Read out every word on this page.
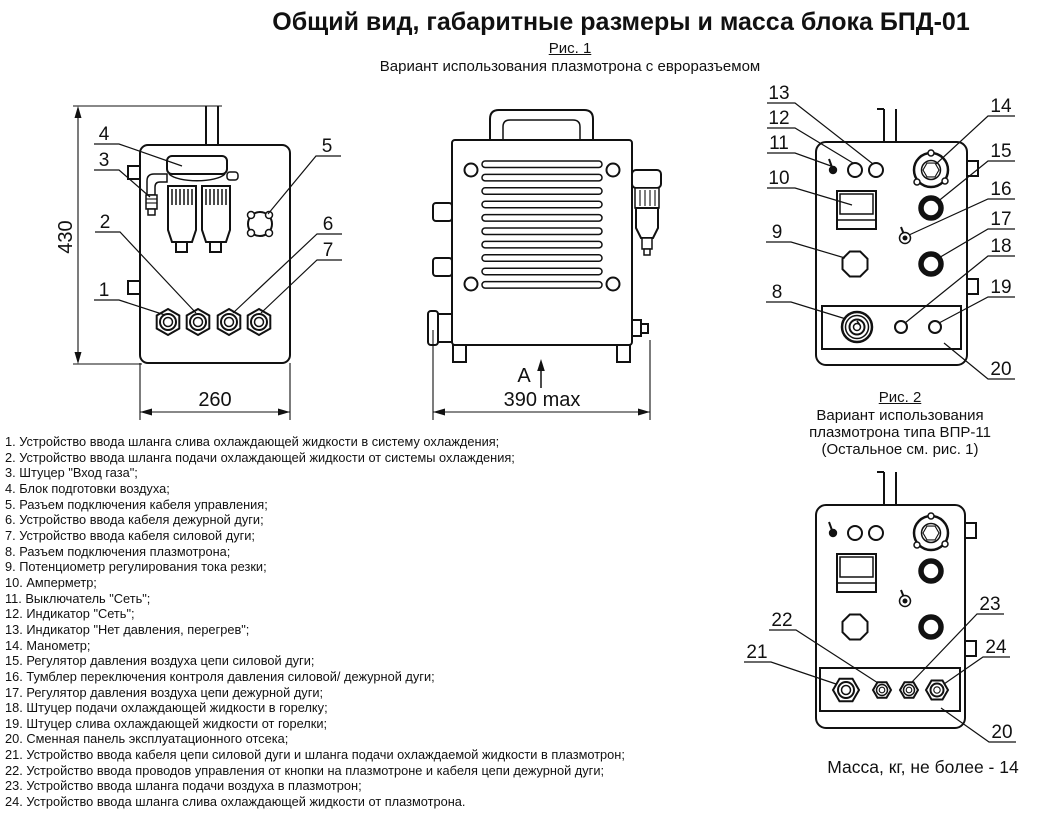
Общий вид, габаритные размеры и масса блока БПД-01
Рис. 1
Вариант использования плазмотрона с евроразъемом
430
260
4
3
2
1
5
6
7
A
390 max
13
12
11
10
9
8
14
15
16
17
18
19
20
Рис. 2
Вариант использования
плазмотрона типа ВПР-11
(Остальное см. рис. 1)
22
21
23
24
20
1. Устройство ввода шланга слива охлаждающей жидкости в систему охлаждения;
2. Устройство ввода шланга подачи охлаждающей жидкости от системы охлаждения;
3. Штуцер "Вход газа";
4. Блок подготовки воздуха;
5. Разъем подключения кабеля управления;
6. Устройство ввода кабеля дежурной дуги;
7. Устройство ввода кабеля силовой дуги;
8. Разъем подключения плазмотрона;
9. Потенциометр регулирования тока резки;
10. Амперметр;
11. Выключатель "Сеть";
12. Индикатор "Сеть";
13. Индикатор "Нет давления, перегрев";
14. Манометр;
15. Регулятор давления воздуха цепи силовой дуги;
16. Тумблер переключения контроля давления силовой/ дежурной дуги;
17. Регулятор давления воздуха цепи дежурной дуги;
18. Штуцер подачи охлаждающей жидкости в горелку;
19. Штуцер слива охлаждающей жидкости от горелки;
20. Сменная панель эксплуатационного отсека;
21. Устройство ввода кабеля цепи силовой дуги и шланга подачи охлаждаемой жидкости в плазмотрон;
22. Устройство ввода проводов управления от кнопки на плазмотроне и кабеля цепи дежурной дуги;
23. Устройство ввода шланга подачи воздуха в плазмотрон;
24. Устройство ввода шланга слива охлаждающей жидкости от плазмотрона.
Масса, кг, не более - 14
